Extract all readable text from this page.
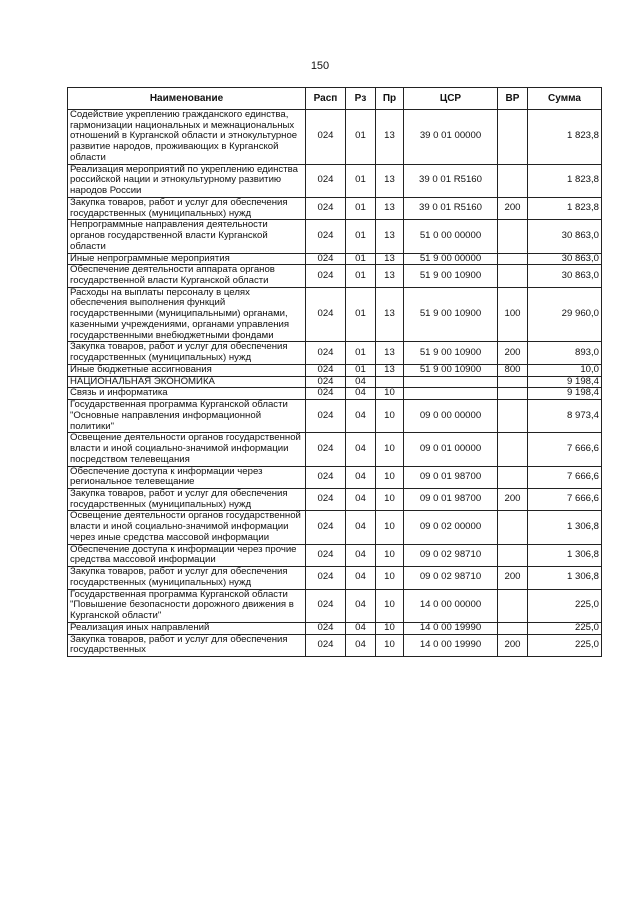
150
Наименование	Расп	Рз	Пр	ЦСР	ВР	Сумма
Содействие укреплению гражданского единства, гармонизации национальных и межнациональных отношений в Курганской области и этнокультурное развитие народов, проживающих в Курганской области	024	01	13	39 0 01 00000		1 823,8
Реализация мероприятий по укреплению единства российской нации и этнокультурному развитию народов России	024	01	13	39 0 01 R5160		1 823,8
Закупка товаров, работ и услуг для обеспечения государственных (муниципальных) нужд	024	01	13	39 0 01 R5160	200	1 823,8
Непрограммные направления деятельности органов государственной власти Курганской области	024	01	13	51 0 00 00000		30 863,0
Иные непрограммные мероприятия	024	01	13	51 9 00 00000		30 863,0
Обеспечение деятельности аппарата органов государственной власти Курганской области	024	01	13	51 9 00 10900		30 863,0
Расходы на выплаты персоналу в целях обеспечения выполнения функций государственными (муниципальными) органами, казенными учреждениями, органами управления государственными внебюджетными фондами	024	01	13	51 9 00 10900	100	29 960,0
Закупка товаров, работ и услуг для обеспечения государственных (муниципальных) нужд	024	01	13	51 9 00 10900	200	893,0
Иные бюджетные ассигнования	024	01	13	51 9 00 10900	800	10,0
НАЦИОНАЛЬНАЯ ЭКОНОМИКА	024	04				9 198,4
Связь и информатика	024	04	10			9 198,4
Государственная программа Курганской области "Основные направления информационной политики"	024	04	10	09 0 00 00000		8 973,4
Освещение деятельности органов государственной власти и иной социально-значимой информации посредством телевещания	024	04	10	09 0 01 00000		7 666,6
Обеспечение доступа к информации через региональное телевещание	024	04	10	09 0 01 98700		7 666,6
Закупка товаров, работ и услуг для обеспечения государственных (муниципальных) нужд	024	04	10	09 0 01 98700	200	7 666,6
Освещение деятельности органов государственной власти и иной социально-значимой информации через иные средства массовой информации	024	04	10	09 0 02 00000		1 306,8
Обеспечение доступа к информации через прочие средства массовой информации	024	04	10	09 0 02 98710		1 306,8
Закупка товаров, работ и услуг для обеспечения государственных (муниципальных) нужд	024	04	10	09 0 02 98710	200	1 306,8
Государственная программа Курганской области "Повышение безопасности дорожного движения в Курганской области"	024	04	10	14 0 00 00000		225,0
Реализация иных направлений	024	04	10	14 0 00 19990		225,0
Закупка товаров, работ и услуг для обеспечения государственных	024	04	10	14 0 00 19990	200	225,0
